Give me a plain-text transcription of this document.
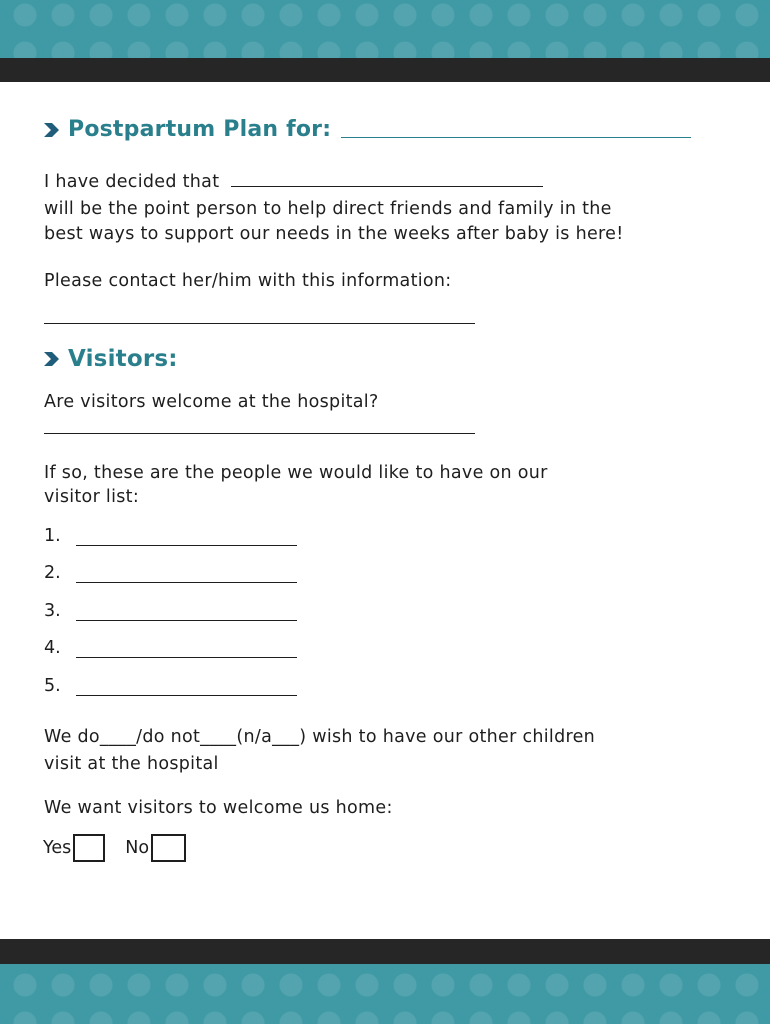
Postpartum Plan for:
I have decided that
will be the point person to help direct friends and family in the
best ways to support our needs in the weeks after baby is here!
Please contact her/him with this information:
Visitors:
Are visitors welcome at the hospital?
If so, these are the people we would like to have on our
visitor list:
1.
2.
3.
4.
5.
We do____/do not____(n/a___) wish to have our other children
visit at the hospital
We want visitors to welcome us home:
Yes	No
